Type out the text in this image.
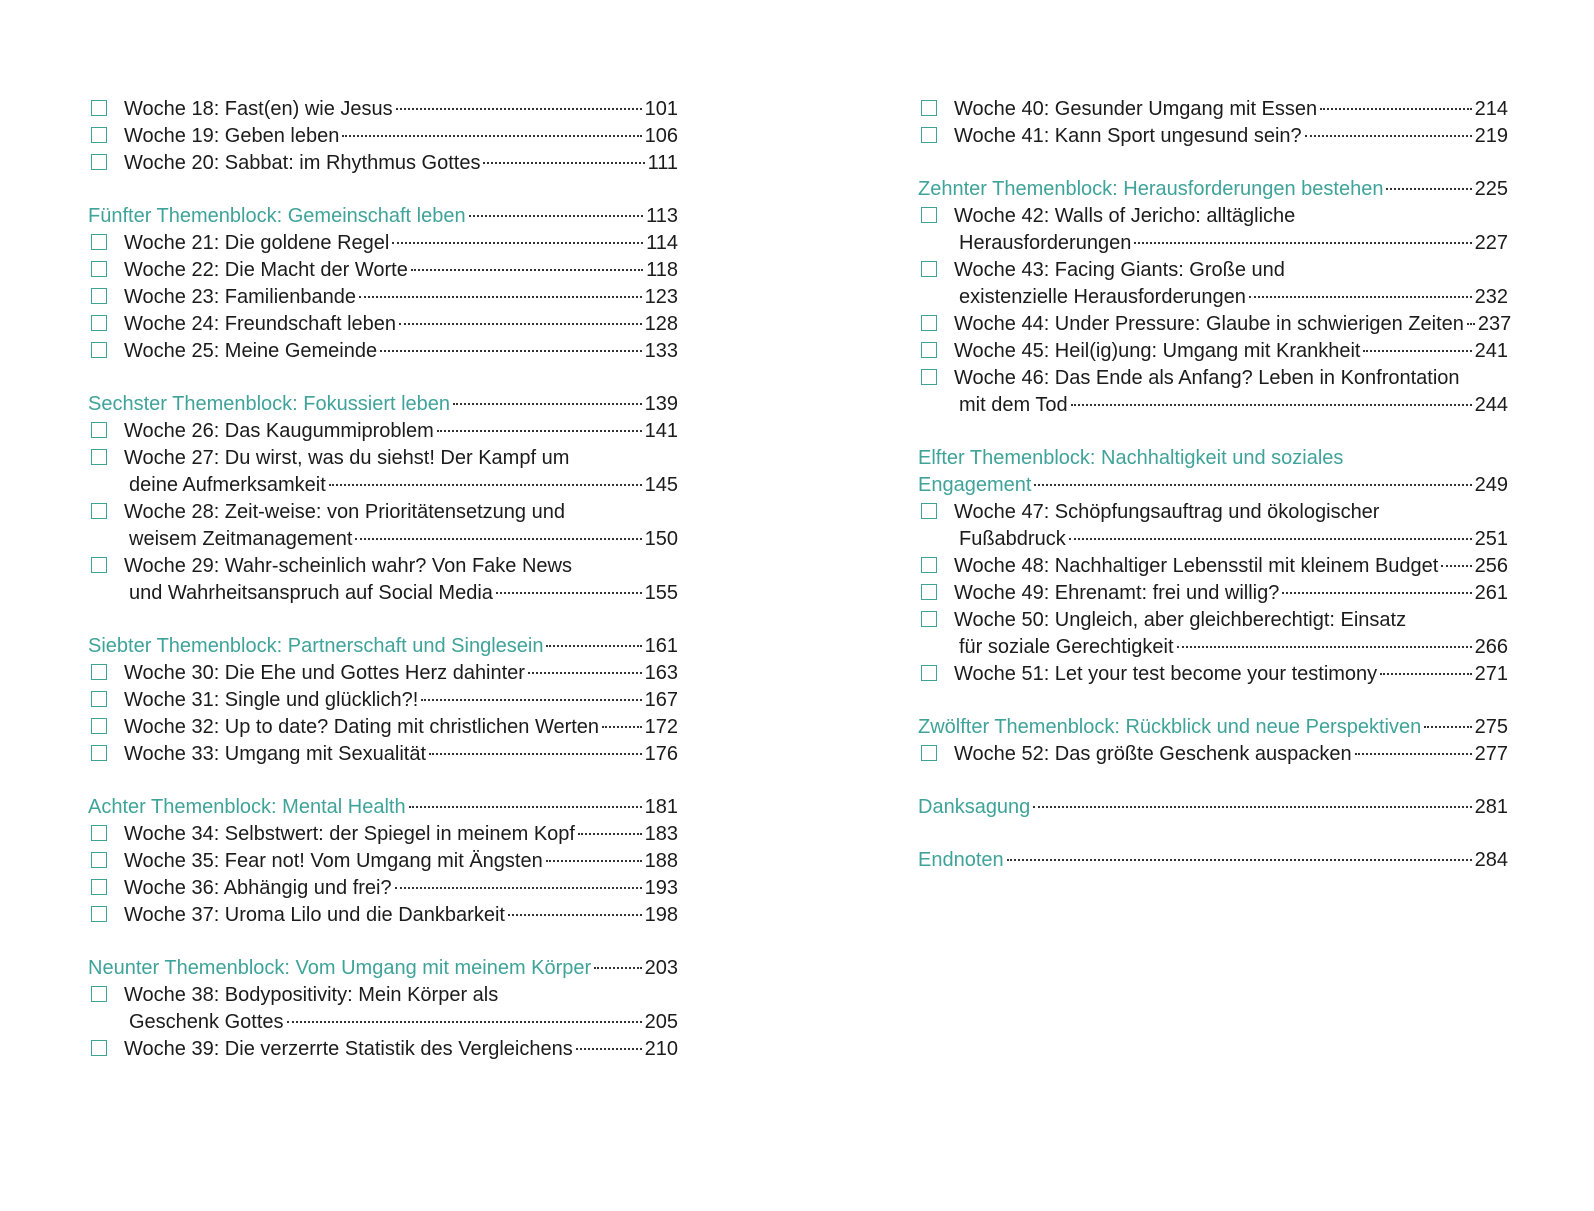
Woche 18: Fast(en) wie Jesus	101
Woche 19: Geben leben	106
Woche 20: Sabbat: im Rhythmus Gottes	111
Fünfter Themenblock: Gemeinschaft leben	113
Woche 21: Die goldene Regel	114
Woche 22: Die Macht der Worte	118
Woche 23: Familienbande	123
Woche 24: Freundschaft leben	128
Woche 25: Meine Gemeinde	133
Sechster Themenblock: Fokussiert leben	139
Woche 26: Das Kaugummiproblem	141
Woche 27: Du wirst, was du siehst! Der Kampf um
deine Aufmerksamkeit	145
Woche 28: Zeit-weise: von Prioritätensetzung und
weisem Zeitmanagement	150
Woche 29: Wahr-scheinlich wahr? Von Fake News
und Wahrheitsanspruch auf Social Media	155
Siebter Themenblock: Partnerschaft und Singlesein	161
Woche 30: Die Ehe und Gottes Herz dahinter	163
Woche 31: Single und glücklich?!	167
Woche 32: Up to date? Dating mit christlichen Werten 172
Woche 33: Umgang mit Sexualität	176
Achter Themenblock: Mental Health	181
Woche 34: Selbstwert: der Spiegel in meinem Kopf	183
Woche 35: Fear not! Vom Umgang mit Ängsten	188
Woche 36: Abhängig und frei?	193
Woche 37: Uroma Lilo und die Dankbarkeit	198
Neunter Themenblock: Vom Umgang mit meinem Körper	203
Woche 38: Bodypositivity: Mein Körper als
Geschenk Gottes	205
Woche 39: Die verzerrte Statistik des Vergleichens	210
Woche 40: Gesunder Umgang mit Essen	214
Woche 41: Kann Sport ungesund sein?	219
Zehnter Themenblock: Herausforderungen bestehen	225
Woche 42: Walls of Jericho: alltägliche
Herausforderungen	227
Woche 43: Facing Giants: Große und
existenzielle Herausforderungen	232
Woche 44: Under Pressure: Glaube in schwierigen Zeiten 237
Woche 45: Heil(ig)ung: Umgang mit Krankheit	241
Woche 46: Das Ende als Anfang? Leben in Konfrontation
mit dem Tod	244
Elfter Themenblock: Nachhaltigkeit und soziales
Engagement	249
Woche 47: Schöpfungsauftrag und ökologischer
Fußabdruck	251
Woche 48: Nachhaltiger Lebensstil mit kleinem Budget 256
Woche 49: Ehrenamt: frei und willig?	261
Woche 50: Ungleich, aber gleichberechtigt: Einsatz
für soziale Gerechtigkeit	266
Woche 51: Let your test become your testimony	271
Zwölfter Themenblock: Rückblick und neue Perspektiven	275
Woche 52: Das größte Geschenk auspacken	277
Danksagung	281
Endnoten	284
